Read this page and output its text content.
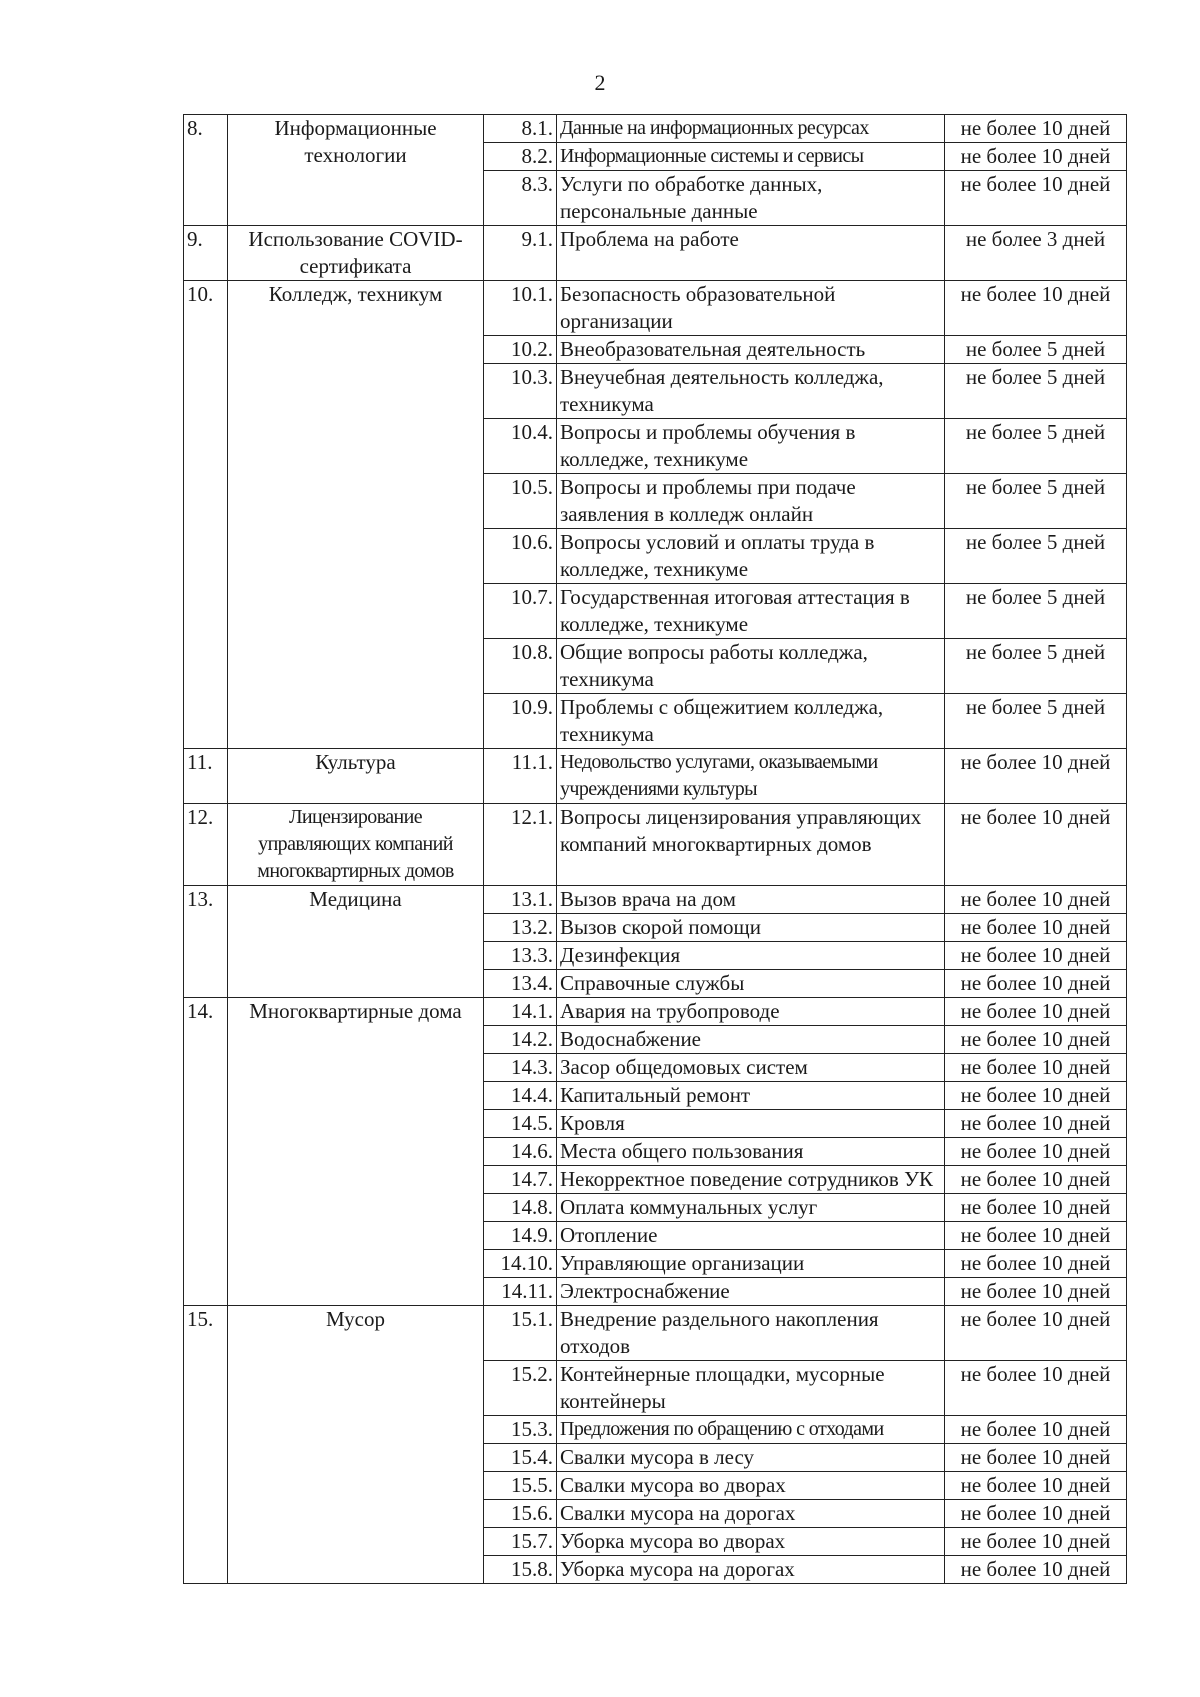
2
8.	Информационные технологии	8.1.	Данные на информационных ресурсах	не более 10 дней
		8.2.	Информационные системы и сервисы	не более 10 дней
		8.3.	Услуги по обработке данных, персональные данные	не более 10 дней
9.	Использование COVID-сертификата	9.1.	Проблема на работе	не более 3 дней
10.	Колледж, техникум	10.1.	Безопасность образовательной организации	не более 10 дней
		10.2.	Внеобразовательная деятельность	не более 5 дней
		10.3.	Внеучебная деятельность колледжа, техникума	не более 5 дней
		10.4.	Вопросы и проблемы обучения в колледже, техникуме	не более 5 дней
		10.5.	Вопросы и проблемы при подаче заявления в колледж онлайн	не более 5 дней
		10.6.	Вопросы условий и оплаты труда в колледже, техникуме	не более 5 дней
		10.7.	Государственная итоговая аттестация в колледже, техникуме	не более 5 дней
		10.8.	Общие вопросы работы колледжа, техникума	не более 5 дней
		10.9.	Проблемы с общежитием колледжа, техникума	не более 5 дней
11.	Культура	11.1.	Недовольство услугами, оказываемыми учреждениями культуры	не более 10 дней
12.	Лицензирование управляющих компаний многоквартирных домов	12.1.	Вопросы лицензирования управляющих компаний многоквартирных домов	не более 10 дней
13.	Медицина	13.1.	Вызов врача на дом	не более 10 дней
		13.2.	Вызов скорой помощи	не более 10 дней
		13.3.	Дезинфекция	не более 10 дней
		13.4.	Справочные службы	не более 10 дней
14.	Многоквартирные дома	14.1.	Авария на трубопроводе	не более 10 дней
		14.2.	Водоснабжение	не более 10 дней
		14.3.	Засор общедомовых систем	не более 10 дней
		14.4.	Капитальный ремонт	не более 10 дней
		14.5.	Кровля	не более 10 дней
		14.6.	Места общего пользования	не более 10 дней
		14.7.	Некорректное поведение сотрудников УК	не более 10 дней
		14.8.	Оплата коммунальных услуг	не более 10 дней
		14.9.	Отопление	не более 10 дней
		14.10.	Управляющие организации	не более 10 дней
		14.11.	Электроснабжение	не более 10 дней
15.	Мусор	15.1.	Внедрение раздельного накопления отходов	не более 10 дней
		15.2.	Контейнерные площадки, мусорные контейнеры	не более 10 дней
		15.3.	Предложения по обращению с отходами	не более 10 дней
		15.4.	Свалки мусора в лесу	не более 10 дней
		15.5.	Свалки мусора во дворах	не более 10 дней
		15.6.	Свалки мусора на дорогах	не более 10 дней
		15.7.	Уборка мусора во дворах	не более 10 дней
		15.8.	Уборка мусора на дорогах	не более 10 дней
